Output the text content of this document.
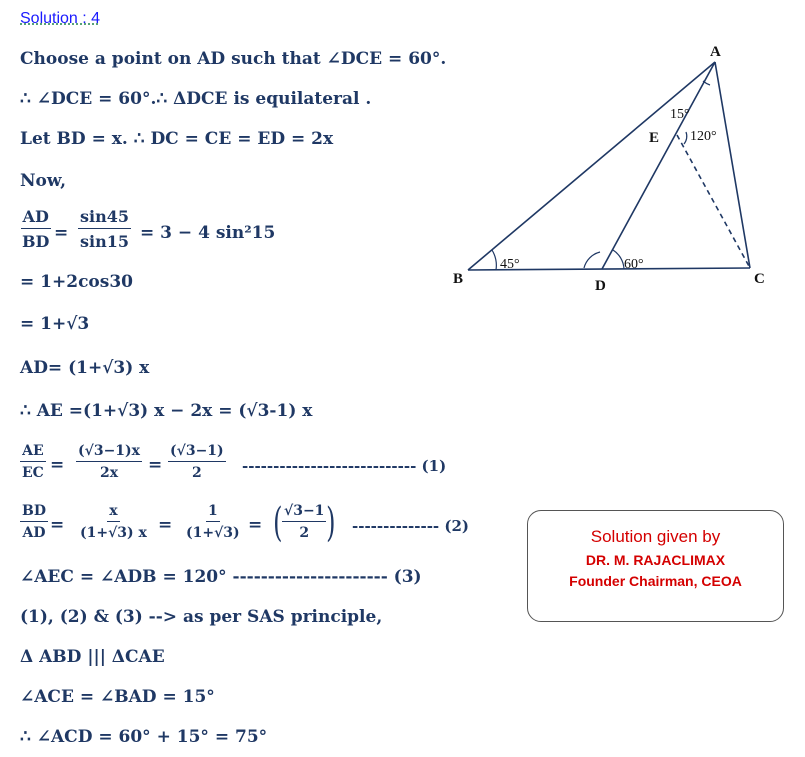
Solution : 4
Choose a point on AD such that ∠DCE = 60°.
∴ ∠DCE = 60°.∴ ΔDCE is equilateral .
Let BD = x. ∴ DC = CE = ED = 2x
Now,
$\frac{AD}{BD} = \frac{\sin 45}{\sin 15} = 3 - 4$ sin²15
= 1+2cos30
= 1+√3
AD= (1+√3) x
∴ AE =(1+√3) x − 2x = (√3-1) x
$\frac{AE}{EC} = \frac{(√3-1)x}{2x} = \frac{(√3-1)}{2}$ ---------------------------- (1)
$\frac{BD}{AD} = \frac{x}{(1+√3) x} = \frac{1}{(1+√3)}$ = ( $\frac{√3-1}{2}$ ) -------------- (2)
∠AEC = ∠ADB = 120° ---------------------- (3)
(1), (2) & (3) --> as per SAS principle,
Δ ABD ||| ΔCAE
∠ACE = ∠BAD = 15°
∴ ∠ACD = 60° + 15° = 75°
A
B	C
D
E
45°	60°
15°
120°
Solution given by
DR. M. RAJACLIMAX
Founder Chairman, CEOA
